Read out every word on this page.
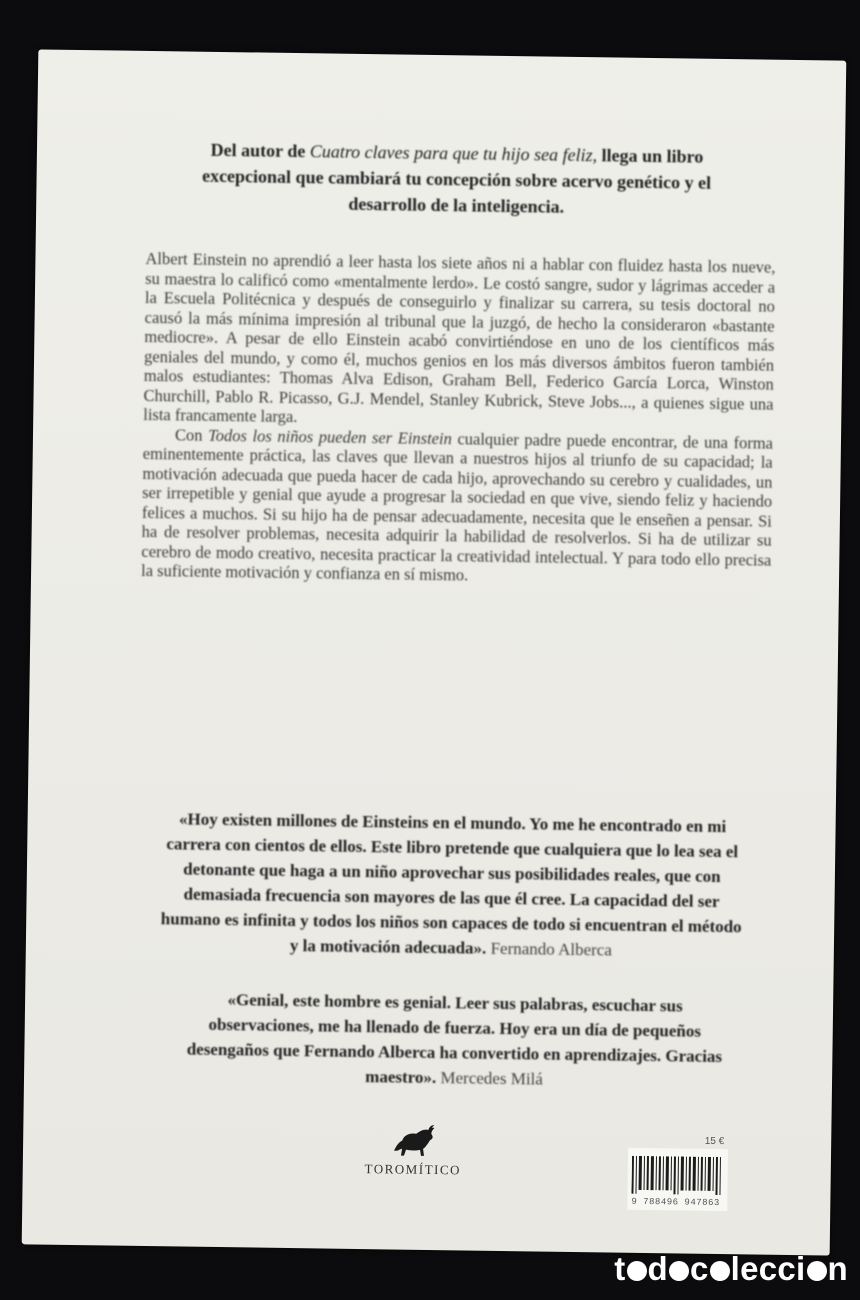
Del autor de Cuatro claves para que tu hijo sea feliz, llega un libro excepcional que cambiará tu concepción sobre acervo genético y el desarrollo de la inteligencia.

Albert Einstein no aprendió a leer hasta los siete años ni a hablar con fluidez hasta los nueve, su maestra lo calificó como «mentalmente lerdo». Le costó sangre, sudor y lágrimas acceder a la Escuela Politécnica y después de conseguirlo y finalizar su carrera, su tesis doctoral no causó la más mínima impresión al tribunal que la juzgó, de hecho la consideraron «bastante mediocre». A pesar de ello Einstein acabó convirtiéndose en uno de los científicos más geniales del mundo, y como él, muchos genios en los más diversos ámbitos fueron también malos estudiantes: Thomas Alva Edison, Graham Bell, Federico García Lorca, Winston Churchill, Pablo R. Picasso, G.J. Mendel, Stanley Kubrick, Steve Jobs..., a quienes sigue una lista francamente larga.

Con Todos los niños pueden ser Einstein cualquier padre puede encontrar, de una forma eminentemente práctica, las claves que llevan a nuestros hijos al triunfo de su capacidad; la motivación adecuada que pueda hacer de cada hijo, aprovechando su cerebro y cualidades, un ser irrepetible y genial que ayude a progresar la sociedad en que vive, siendo feliz y haciendo felices a muchos. Si su hijo ha de pensar adecuadamente, necesita que le enseñen a pensar. Si ha de resolver problemas, necesita adquirir la habilidad de resolverlos. Si ha de utilizar su cerebro de modo creativo, necesita practicar la creatividad intelectual. Y para todo ello precisa la suficiente motivación y confianza en sí mismo.

«Hoy existen millones de Einsteins en el mundo. Yo me he encontrado en mi carrera con cientos de ellos. Este libro pretende que cualquiera que lo lea sea el detonante que haga a un niño aprovechar sus posibilidades reales, que con demasiada frecuencia son mayores de las que él cree. La capacidad del ser humano es infinita y todos los niños son capaces de todo si encuentran el método y la motivación adecuada». Fernando Alberca
«Genial, este hombre es genial. Leer sus palabras, escuchar sus observaciones, me ha llenado de fuerza. Hoy era un día de pequeños desengaños que Fernando Alberca ha convertido en aprendizajes. Gracias maestro». Mercedes Milá
TOROMÍTICO
15 €
9 788496 947863
t d c lecci n
